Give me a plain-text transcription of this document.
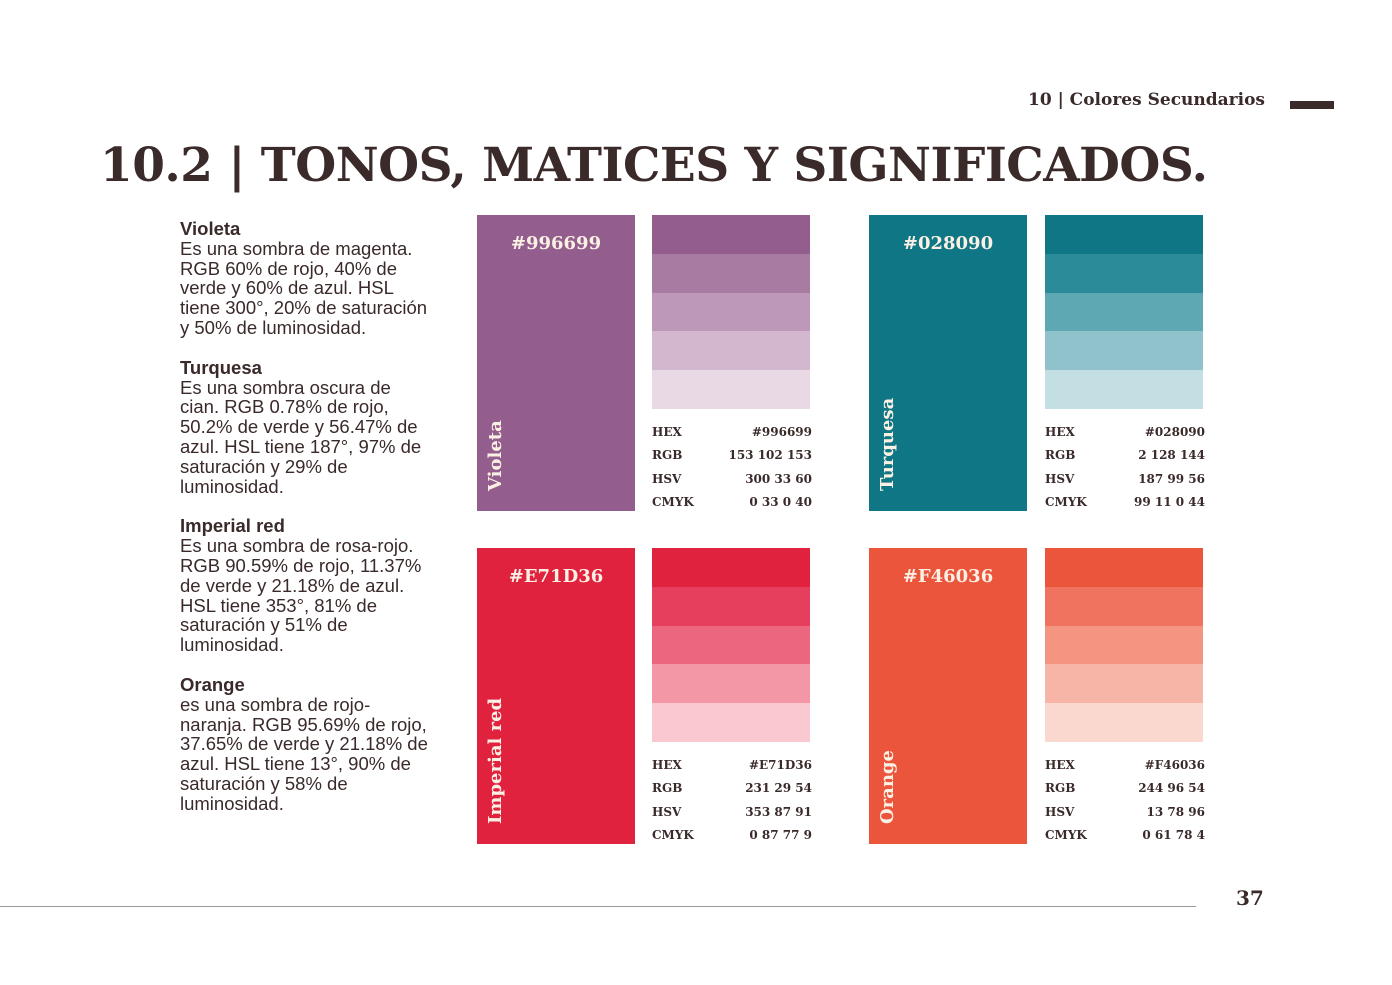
10 | Colores Secundarios
10.2 | TONOS, MATICES Y SIGNIFICADOS.
Violeta

Es una sombra de magenta. RGB 60% de rojo, 40% de verde y 60% de azul. HSL tiene 300°, 20% de saturación y 50% de luminosidad.

Turquesa

Es una sombra oscura de cian. RGB 0.78% de rojo, 50.2% de verde y 56.47% de azul. HSL tiene 187°, 97% de saturación y 29% de luminosidad.

Imperial red

Es una sombra de rosa-rojo. RGB 90.59% de rojo, 11.37% de verde y 21.18% de azul. HSL tiene 353°, 81% de saturación y 51% de luminosidad.

Orange

es una sombra de rojo-naranja. RGB 95.69% de rojo, 37.65% de verde y 21.18% de azul. HSL tiene 13°, 90% de saturación y 58% de luminosidad.

#996699
Violeta	HEX	#996699
RGB	153 102 153
HSV	300 33 60
CMYK	0 33 0 40
#028090
Turquesa	HEX	#028090
RGB	2 128 144
HSV	187 99 56
CMYK	99 11 0 44
#E71D36
Imperial red	HEX	#E71D36
RGB	231 29 54
HSV	353 87 91
CMYK	0 87 77 9
#F46036
Orange	HEX	#F46036
RGB	244 96 54
HSV	13 78 96
CMYK	0 61 78 4
37
